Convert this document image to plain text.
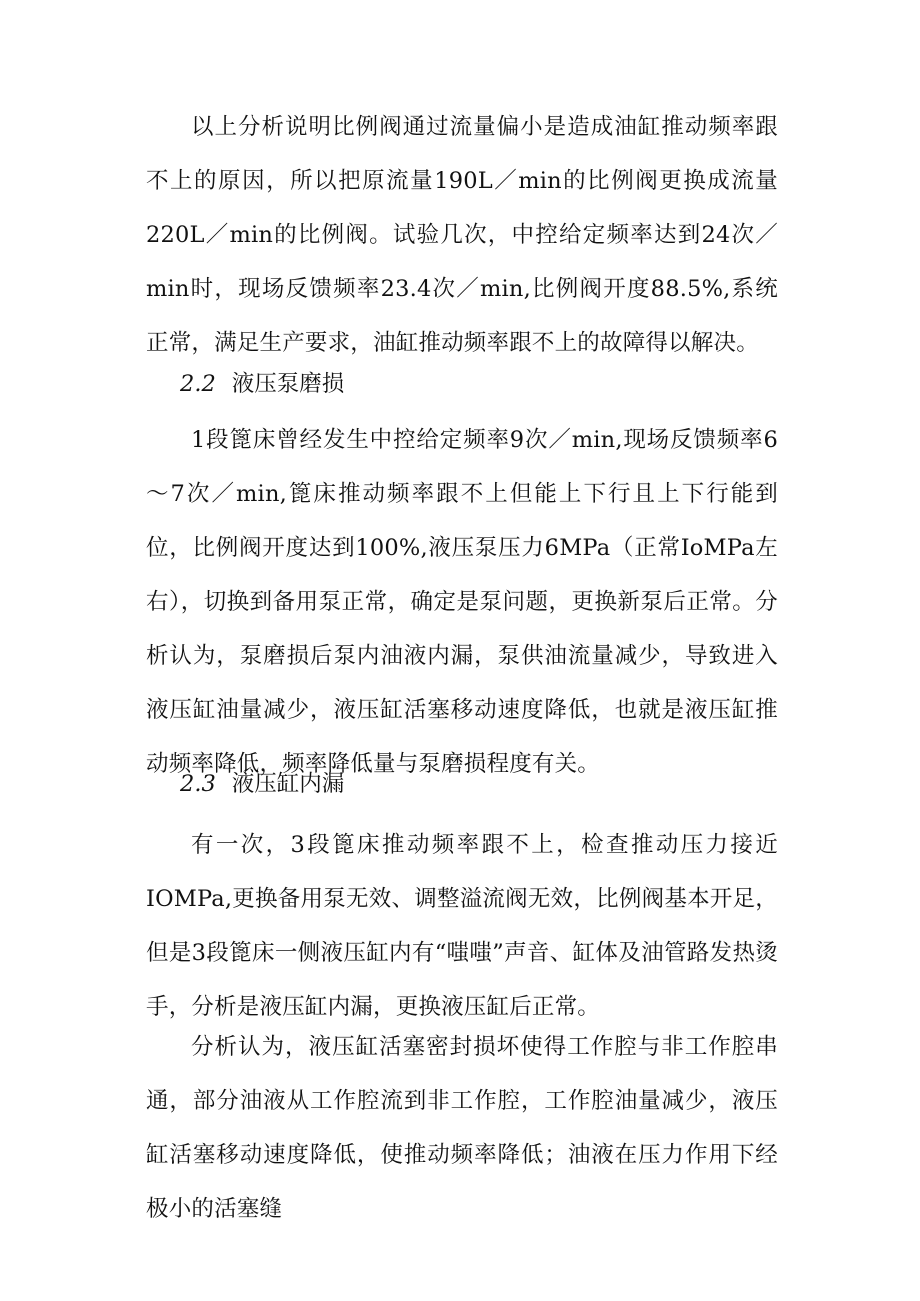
以上分析说明比例阀通过流量偏小是造成油缸推动频率跟不上的原因，所以把原流量190L／min的比例阀更换成流量220L／min的比例阀。试验几次，中控给定频率达到24次／min时，现场反馈频率23.4次／min,比例阀开度88.5%,系统正常，满足生产要求，油缸推动频率跟不上的故障得以解决。

2.2 液压泵磨损

1段篦床曾经发生中控给定频率9次／min,现场反馈频率6～7次／min,篦床推动频率跟不上但能上下行且上下行能到位，比例阀开度达到100%,液压泵压力6MPa（正常IoMPa左右），切换到备用泵正常，确定是泵问题，更换新泵后正常。分析认为，泵磨损后泵内油液内漏，泵供油流量减少，导致进入液压缸油量减少，液压缸活塞移动速度降低，也就是液压缸推动频率降低，频率降低量与泵磨损程度有关。

2.3 液压缸内漏

有一次，3段篦床推动频率跟不上，检查推动压力接近IOMPa,更换备用泵无效、调整溢流阀无效，比例阀基本开足，但是3段篦床一侧液压缸内有“嗤嗤”声音、缸体及油管路发热烫手，分析是液压缸内漏，更换液压缸后正常。

分析认为，液压缸活塞密封损坏使得工作腔与非工作腔串通，部分油液从工作腔流到非工作腔，工作腔油量减少，液压缸活塞移动速度降低，使推动频率降低；油液在压力作用下经极小的活塞缝
